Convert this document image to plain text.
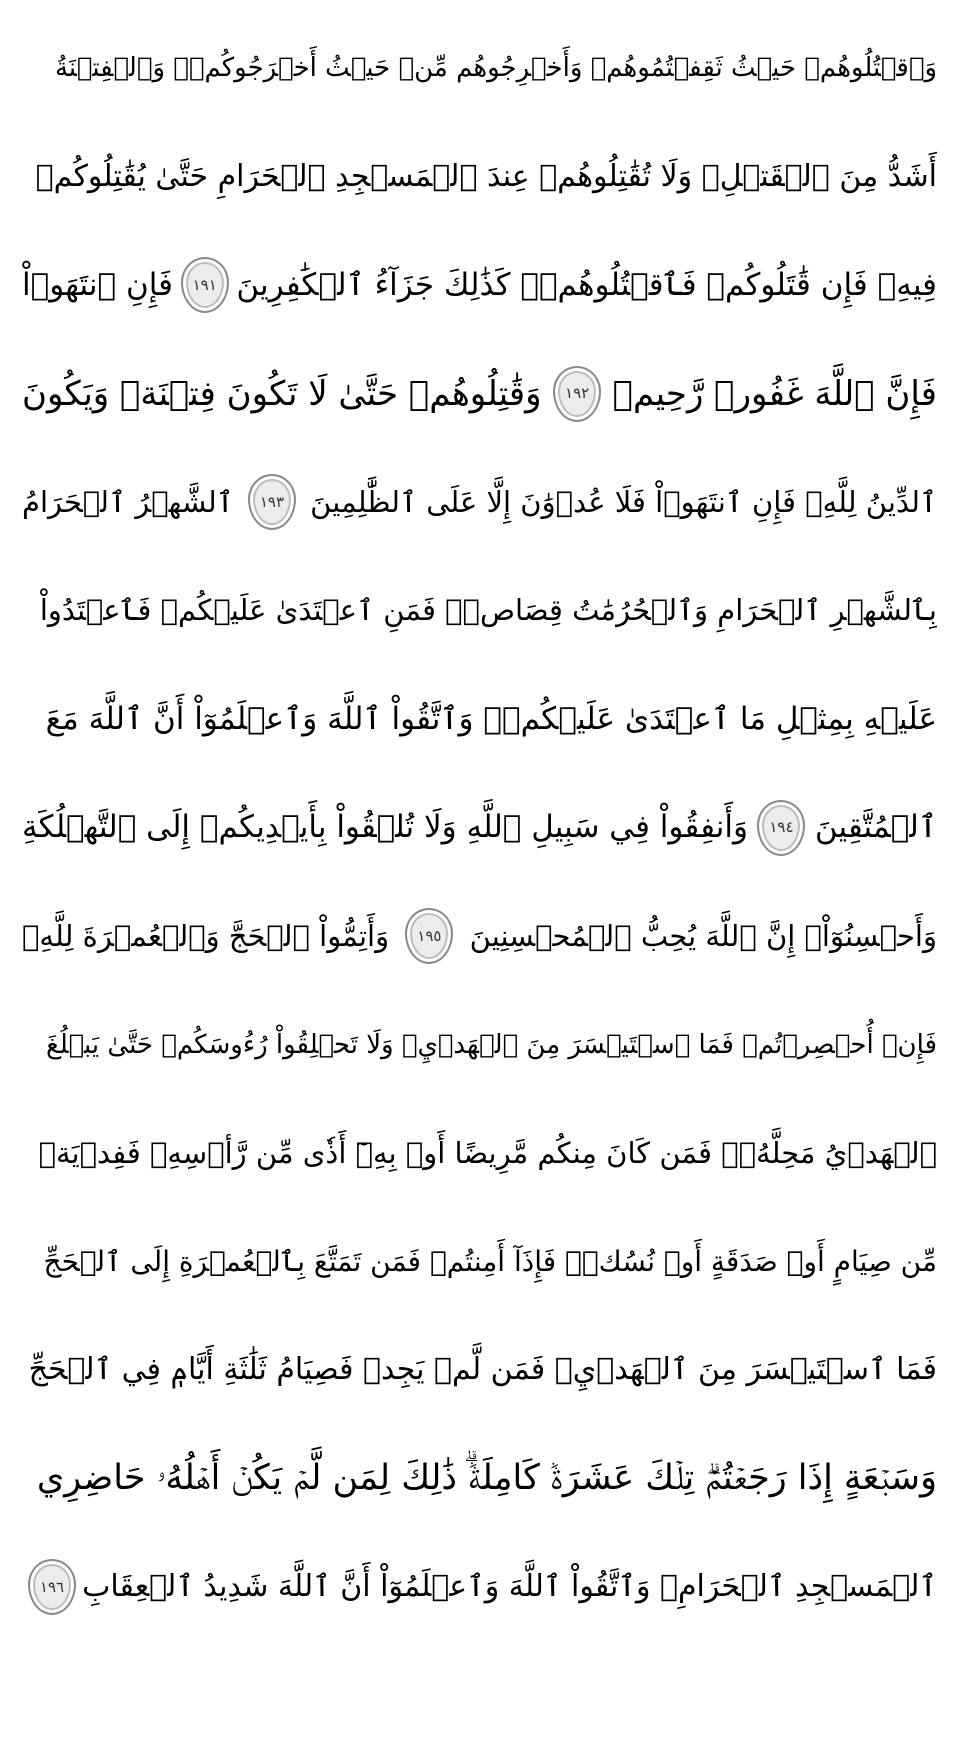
وَٱقۡتُلُوهُمۡ حَيۡثُ ثَقِفۡتُمُوهُمۡ وَأَخۡرِجُوهُم مِّنۡ حَيۡثُ أَخۡرَجُوكُمۡۚ وَٱلۡفِتۡنَةُ
أَشَدُّ مِنَ ٱلۡقَتۡلِۚ وَلَا تُقَٰتِلُوهُمۡ عِندَ ٱلۡمَسۡجِدِ ٱلۡحَرَامِ حَتَّىٰ يُقَٰتِلُوكُمۡ
فِيهِۖ فَإِن قَٰتَلُوكُمۡ فَٱقۡتُلُوهُمۡۗ كَذَٰلِكَ جَزَآءُ ٱلۡكَٰفِرِينَ
١٩١
فَإِنِ ٱنتَهَوۡاْ
فَإِنَّ ٱللَّهَ غَفُورٞ رَّحِيمٞ
١٩٢
وَقَٰتِلُوهُمۡ حَتَّىٰ لَا تَكُونَ فِتۡنَةٞ وَيَكُونَ
ٱلدِّينُ لِلَّهِۖ فَإِنِ ٱنتَهَوۡاْ فَلَا عُدۡوَٰنَ إِلَّا عَلَى ٱلظَّٰلِمِينَ
١٩٣
ٱلشَّهۡرُ ٱلۡحَرَامُ
بِٱلشَّهۡرِ ٱلۡحَرَامِ وَٱلۡحُرُمَٰتُ قِصَاصٞۚ فَمَنِ ٱعۡتَدَىٰ عَلَيۡكُمۡ فَٱعۡتَدُواْ
عَلَيۡهِ بِمِثۡلِ مَا ٱعۡتَدَىٰ عَلَيۡكُمۡۚ وَٱتَّقُواْ ٱللَّهَ وَٱعۡلَمُوٓاْ أَنَّ ٱللَّهَ مَعَ
ٱلۡمُتَّقِينَ
١٩٤
وَأَنفِقُواْ فِي سَبِيلِ ٱللَّهِ وَلَا تُلۡقُواْ بِأَيۡدِيكُمۡ إِلَى ٱلتَّهۡلُكَةِ
وَأَحۡسِنُوٓاْۚ إِنَّ ٱللَّهَ يُحِبُّ ٱلۡمُحۡسِنِينَ
١٩٥
وَأَتِمُّواْ ٱلۡحَجَّ وَٱلۡعُمۡرَةَ لِلَّهِۚ
فَإِنۡ أُحۡصِرۡتُمۡ فَمَا ٱسۡتَيۡسَرَ مِنَ ٱلۡهَدۡيِۖ وَلَا تَحۡلِقُواْ رُءُوسَكُمۡ حَتَّىٰ يَبۡلُغَ
ٱلۡهَدۡيُ مَحِلَّهُۥۚ فَمَن كَانَ مِنكُم مَّرِيضًا أَوۡ بِهِۦٓ أَذٗى مِّن رَّأۡسِهِۦ فَفِدۡيَةٞ
مِّن صِيَامٍ أَوۡ صَدَقَةٍ أَوۡ نُسُكٖۚ فَإِذَآ أَمِنتُمۡ فَمَن تَمَتَّعَ بِٱلۡعُمۡرَةِ إِلَى ٱلۡحَجِّ
فَمَا ٱسۡتَيۡسَرَ مِنَ ٱلۡهَدۡيِۚ فَمَن لَّمۡ يَجِدۡ فَصِيَامُ ثَلَٰثَةِ أَيَّامٖ فِي ٱلۡحَجِّ
وَسَبۡعَةٍ إِذَا رَجَعۡتُمۡۗ تِلۡكَ عَشَرَةٞ كَامِلَةٞۗ ذَٰلِكَ لِمَن لَّمۡ يَكُنۡ أَهۡلُهُۥ حَاضِرِي
ٱلۡمَسۡجِدِ ٱلۡحَرَامِۚ وَٱتَّقُواْ ٱللَّهَ وَٱعۡلَمُوٓاْ أَنَّ ٱللَّهَ شَدِيدُ ٱلۡعِقَابِ
١٩٦
